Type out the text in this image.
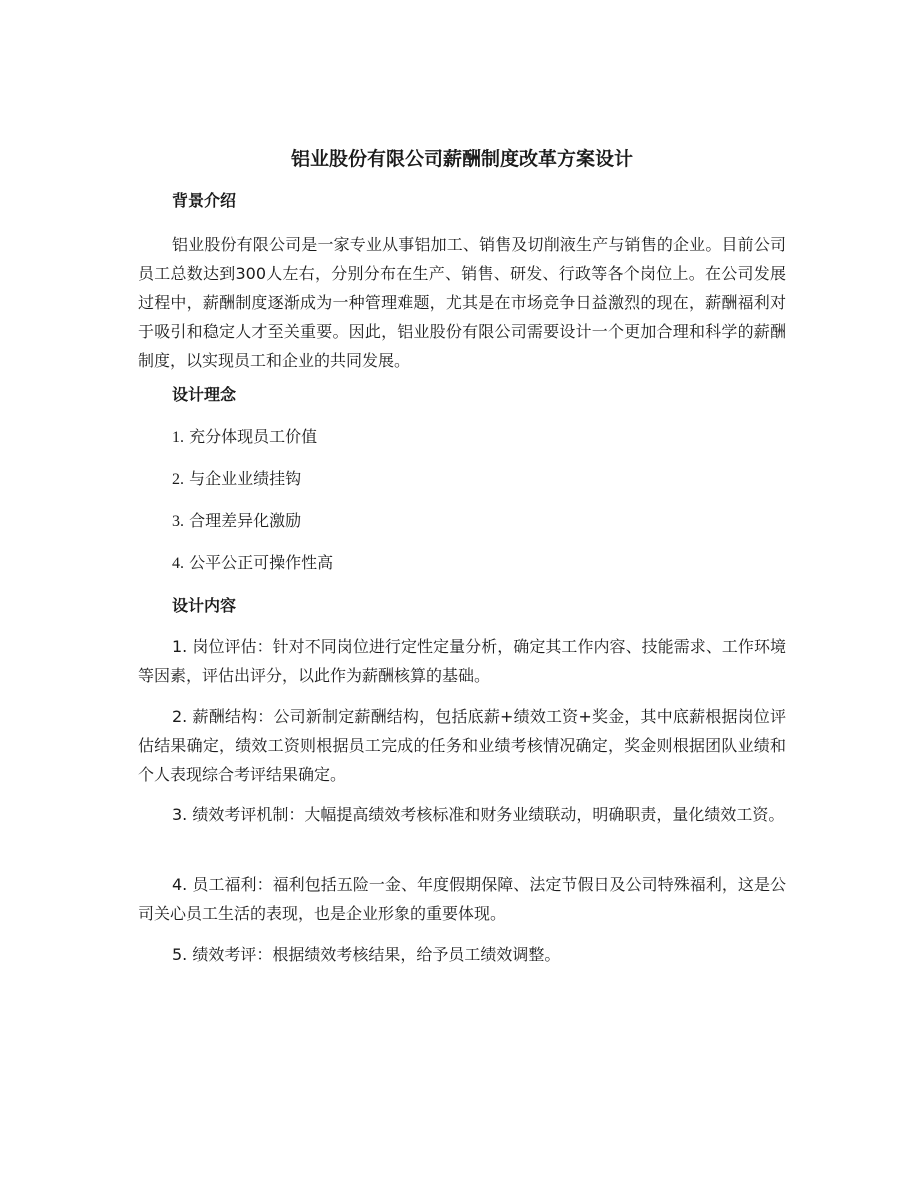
铝业股份有限公司薪酬制度改革方案设计
背景介绍

铝业股份有限公司是一家专业从事铝加工、销售及切削液生产与销售的企业。目前公司员工总数达到300人左右，分别分布在生产、销售、研发、行政等各个岗位上。在公司发展过程中，薪酬制度逐渐成为一种管理难题，尤其是在市场竞争日益激烈的现在，薪酬福利对于吸引和稳定人才至关重要。因此，铝业股份有限公司需要设计一个更加合理和科学的薪酬制度，以实现员工和企业的共同发展。

设计理念

1. 充分体现员工价值

2. 与企业业绩挂钩

3. 合理差异化激励

4. 公平公正可操作性高

设计内容

1. 岗位评估：针对不同岗位进行定性定量分析，确定其工作内容、技能需求、工作环境等因素，评估出评分，以此作为薪酬核算的基础。

2. 薪酬结构：公司新制定薪酬结构，包括底薪+绩效工资+奖金，其中底薪根据岗位评估结果确定，绩效工资则根据员工完成的任务和业绩考核情况确定，奖金则根据团队业绩和个人表现综合考评结果确定。

3. 绩效考评机制：大幅提高绩效考核标准和财务业绩联动，明确职责，量化绩效工资。

4. 员工福利：福利包括五险一金、年度假期保障、法定节假日及公司特殊福利，这是公司关心员工生活的表现，也是企业形象的重要体现。

5. 绩效考评：根据绩效考核结果，给予员工绩效调整。
